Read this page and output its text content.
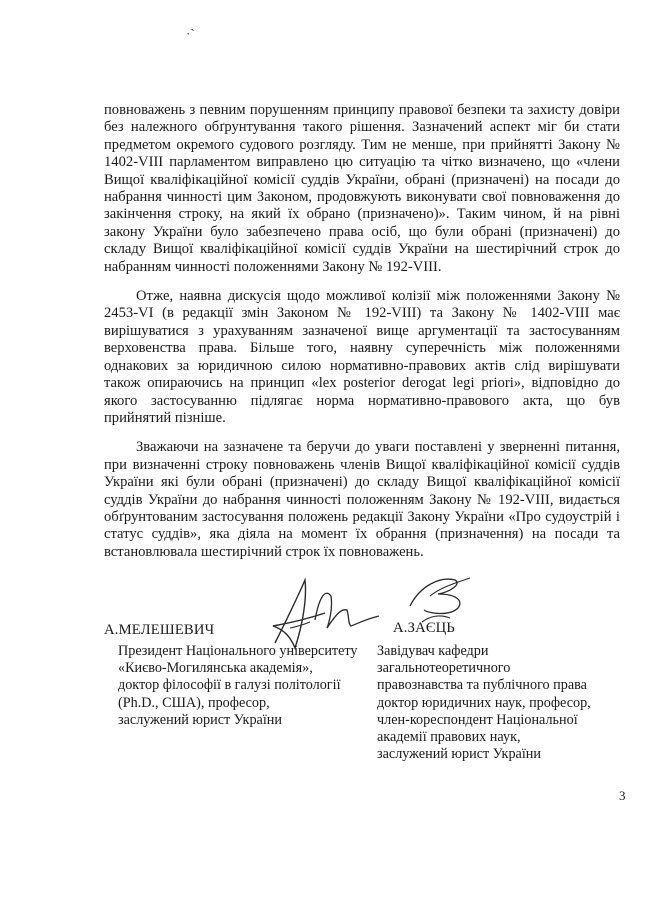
·`

повноважень з певним порушенням принципу правової безпеки та захисту довіри без належного обґрунтування такого рішення. Зазначений аспект міг би стати предметом окремого судового розгляду. Тим не менше, при прийнятті Закону № 1402-VIII парламентом виправлено цю ситуацію та чітко визначено, що «члени Вищої кваліфікаційної комісії суддів України, обрані (призначені) на посади до набрання чинності цим Законом, продовжують виконувати свої повноваження до закінчення строку, на який їх обрано (призначено)». Таким чином, й на рівні закону України було забезпечено права осіб, що були обрані (призначені) до складу Вищої кваліфікаційної комісії суддів України на шестирічний строк до набранням чинності положеннями Закону № 192-VIII.

Отже, наявна дискусія щодо можливої колізії між положеннями Закону № 2453-VI (в редакції змін Законом № 192-VIII) та Закону № 1402-VIII має вирішуватися з урахуванням зазначеної вище аргументації та застосуванням верховенства права. Більше того, наявну суперечність між положеннями однакових за юридичною силою нормативно-правових актів слід вирішувати також опираючись на принцип «lex posterior derogat legi priori», відповідно до якого застосуванню підлягає норма нормативно-правового акта, що був прийнятий пізніше.

Зважаючи на зазначене та беручи до уваги поставлені у зверненні питання, при визначенні строку повноважень членів Вищої кваліфікаційної комісії суддів України які були обрані (призначені) до складу Вищої кваліфікаційної комісії суддів України до набрання чинності положенням Закону № 192-VIII, видається обґрунтованим застосування положень редакції Закону України «Про судоустрій і статус суддів», яка діяла на момент їх обрання (призначення) на посади та встановлювала шестирічний строк їх повноважень.

А.МЕЛЕШЕВИЧ

Президент Національного університету
«Києво-Могилянська академія»,
доктор філософії в галузі політології
(Ph.D., США), професор,
заслужений юрист України

А.ЗАЄЦЬ

Завідувач кафедри
загальнотеоретичного
правознавства та публічного права
доктор юридичних наук, професор,
член-кореспондент Національної
академії правових наук,
заслужений юрист України

3
